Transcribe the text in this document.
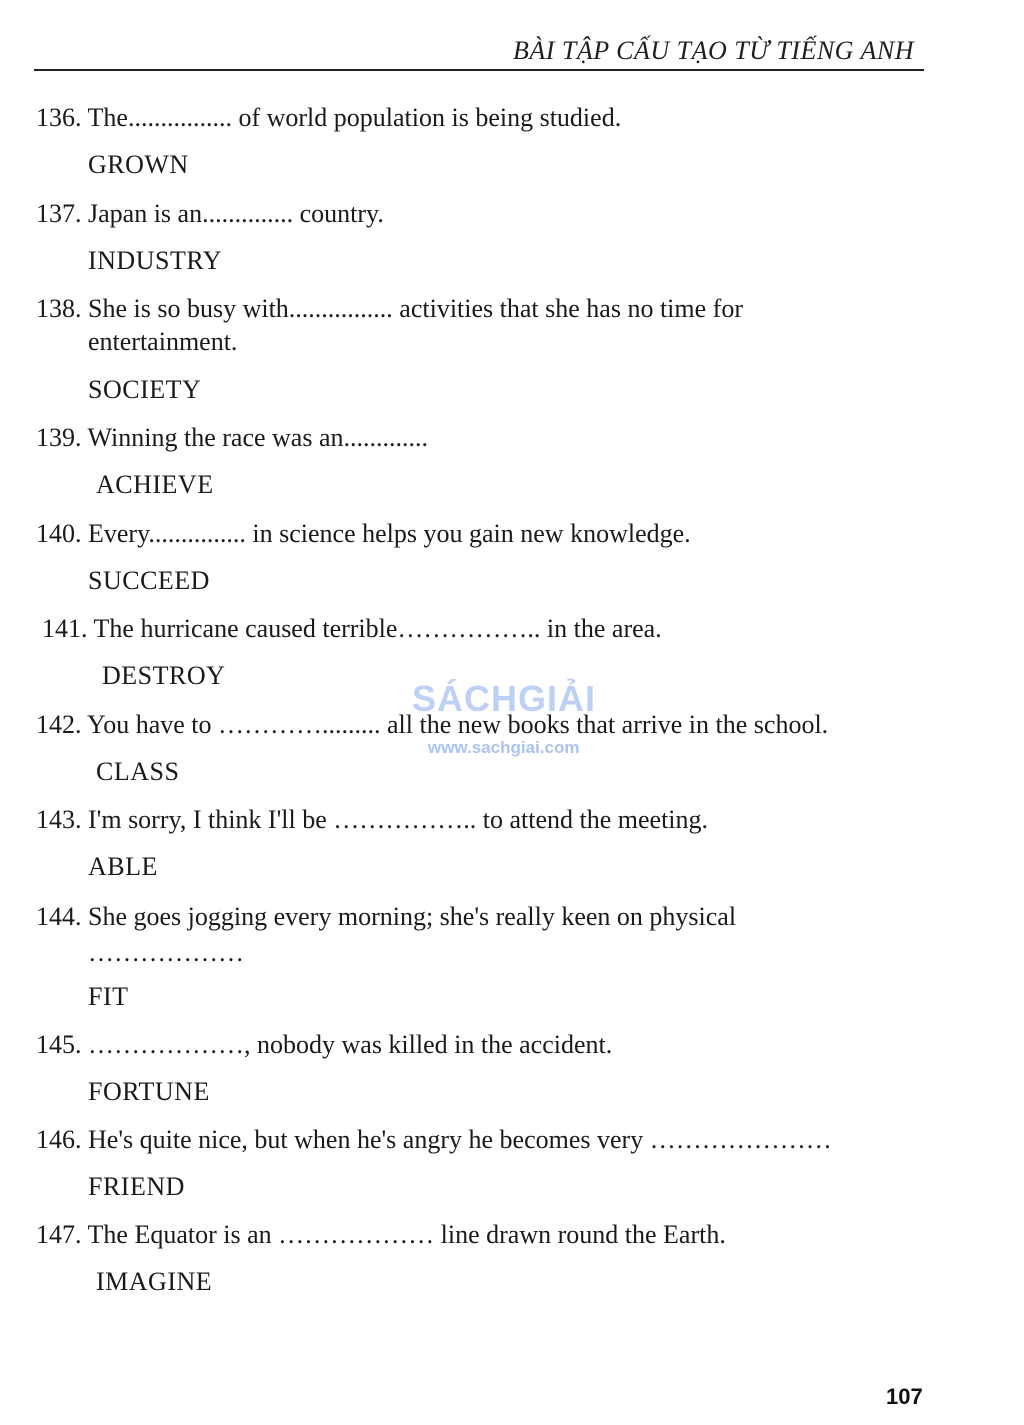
BÀI TẬP CẤU TẠO TỪ TIẾNG ANH
136. The................ of world population is being studied.
GROWN
137. Japan is an.............. country.
INDUSTRY
138. She is so busy with................ activities that she has no time for entertainment.
SOCIETY
139. Winning the race was an.............
ACHIEVE
140. Every............... in science helps you gain new knowledge.
SUCCEED
141. The hurricane caused terrible…………….. in the area.
DESTROY
142. You have to …………......... all the new books that arrive in the school.
CLASS
143. I'm sorry, I think I'll be …………….. to attend the meeting.
ABLE
144. She goes jogging every morning; she's really keen on physical ………………
FIT
145. ………………, nobody was killed in the accident.
FORTUNE
146. He's quite nice, but when he's angry he becomes very …………………
FRIEND
147. The Equator is an ……………… line drawn round the Earth.
IMAGINE
SÁCHGIẢI
www.sachgiai.com
107
